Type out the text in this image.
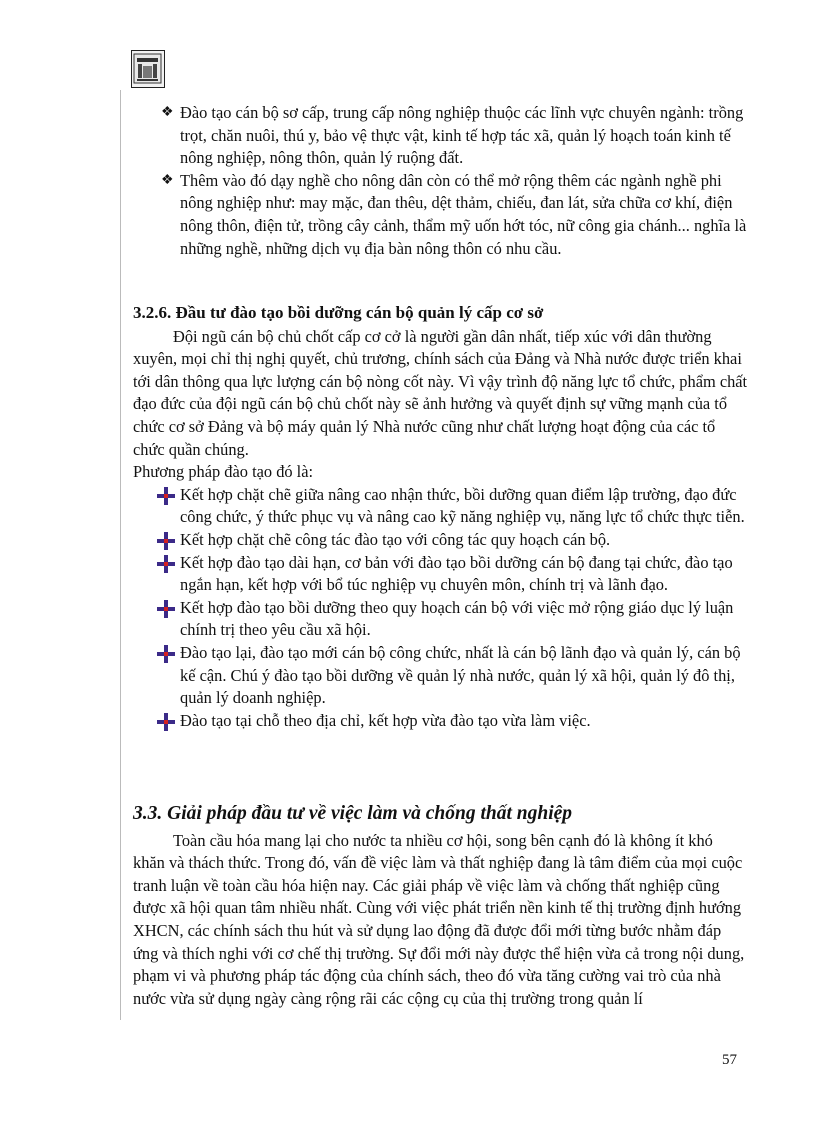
❖ Đào tạo cán bộ sơ cấp, trung cấp nông nghiệp thuộc các lĩnh vực chuyên ngành: trồng trọt, chăn nuôi, thú y, bảo vệ thực vật, kinh tế hợp tác xã, quản lý hoạch toán kinh tế nông nghiệp, nông thôn, quản lý ruộng đất.

❖ Thêm vào đó dạy nghề cho nông dân còn có thể mở rộng thêm các ngành nghề phi nông nghiệp như: may mặc, đan thêu, dệt thảm, chiếu, đan lát, sửa chữa cơ khí, điện nông thôn, điện tử, trồng cây cảnh, thẩm mỹ uốn hớt tóc, nữ công gia chánh... nghĩa là những nghề, những dịch vụ địa bàn nông thôn có nhu cầu.

3.2.6. Đầu tư đào tạo bồi dưỡng cán bộ quản lý cấp cơ sở

Đội ngũ cán bộ chủ chốt cấp cơ cở là người gần dân nhất, tiếp xúc với dân thường xuyên, mọi chỉ thị nghị quyết, chủ trương, chính sách của Đảng và Nhà nước được triển khai tới dân thông qua lực lượng cán bộ nòng cốt này. Vì vậy trình độ năng lực tổ chức, phẩm chất đạo đức của đội ngũ cán bộ chủ chốt này sẽ ảnh hưởng và quyết định sự vững mạnh của tổ chức cơ sở Đảng và bộ máy quản lý Nhà nước cũng như chất lượng hoạt động của các tổ chức quần chúng.

Phương pháp đào tạo đó là:

Kết hợp chặt chẽ giữa nâng cao nhận thức, bồi dưỡng quan điểm lập trường, đạo đức công chức, ý thức phục vụ và nâng cao kỹ năng nghiệp vụ, năng lực tổ chức thực tiễn.

Kết hợp chặt chẽ công tác đào tạo với công tác quy hoạch cán bộ.

Kết hợp đào tạo dài hạn, cơ bản với đào tạo bồi dưỡng cán bộ đang tại chức, đào tạo ngắn hạn, kết hợp với bổ túc nghiệp vụ chuyên môn, chính trị và lãnh đạo.

Kết hợp đào tạo bồi dưỡng theo quy hoạch cán bộ với việc mở rộng giáo dục lý luận chính trị theo yêu cầu xã hội.

Đào tạo lại, đào tạo mới cán bộ công chức, nhất là cán bộ lãnh đạo và quản lý, cán bộ kế cận. Chú ý đào tạo bồi dưỡng về quản lý nhà nước, quản lý xã hội, quản lý đô thị, quản lý doanh nghiệp.

Đào tạo tại chỗ theo địa chỉ, kết hợp vừa đào tạo vừa làm việc.

3.3. Giải pháp đầu tư về việc làm và chống thất nghiệp

Toàn cầu hóa mang lại cho nước ta nhiều cơ hội, song bên cạnh đó là không ít khó khăn và thách thức. Trong đó, vấn đề việc làm và thất nghiệp đang là tâm điểm của mọi cuộc tranh luận về toàn cầu hóa hiện nay. Các giải pháp về việc làm và chống thất nghiệp cũng được xã hội quan tâm nhiều nhất. Cùng với việc phát triển nền kinh tế thị trường định hướng XHCN, các chính sách thu hút và sử dụng lao động đã được đổi mới từng bước nhằm đáp ứng và thích nghi với cơ chế thị trường. Sự đổi mới này được thể hiện vừa cả trong nội dung, phạm vi và phương pháp tác động của chính sách, theo đó vừa tăng cường vai trò của nhà nước vừa sử dụng ngày càng rộng rãi các cộng cụ của thị trường trong quản lí

57
